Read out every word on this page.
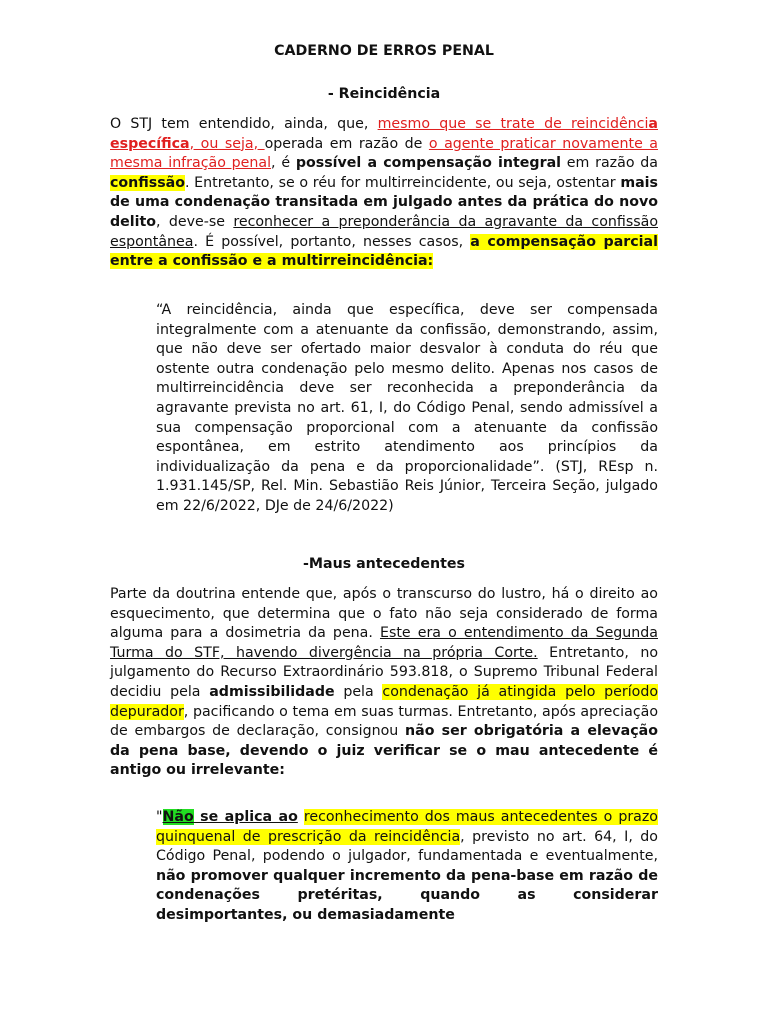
CADERNO DE ERROS PENAL
- Reincidência

O STJ tem entendido, ainda, que, mesmo que se trate de reincidência específica, ou seja, operada em razão de o agente praticar novamente a mesma infração penal, é possível a compensação integral em razão da confissão. Entretanto, se o réu for multirreincidente, ou seja, ostentar mais de uma condenação transitada em julgado antes da prática do novo delito, deve-se reconhecer a preponderância da agravante da confissão espontânea. É possível, portanto, nesses casos, a compensação parcial entre a confissão e a multirreincidência:

“A reincidência, ainda que específica, deve ser compensada integralmente com a atenuante da confissão, demonstrando, assim, que não deve ser ofertado maior desvalor à conduta do réu que ostente outra condenação pelo mesmo delito. Apenas nos casos de multirreincidência deve ser reconhecida a preponderância da agravante prevista no art. 61, I, do Código Penal, sendo admissível a sua compensação proporcional com a atenuante da confissão espontânea, em estrito atendimento aos princípios da individualização da pena e da proporcionalidade”. (STJ, REsp n. 1.931.145/SP, Rel. Min. Sebastião Reis Júnior, Terceira Seção, julgado em 22/6/2022, DJe de 24/6/2022)

-Maus antecedentes

Parte da doutrina entende que, após o transcurso do lustro, há o direito ao esquecimento, que determina que o fato não seja considerado de forma alguma para a dosimetria da pena. Este era o entendimento da Segunda Turma do STF, havendo divergência na própria Corte. Entretanto, no julgamento do Recurso Extraordinário 593.818, o Supremo Tribunal Federal decidiu pela admissibilidade pela condenação já atingida pelo período depurador, pacificando o tema em suas turmas. Entretanto, após apreciação de embargos de declaração, consignou não ser obrigatória a elevação da pena base, devendo o juiz verificar se o mau antecedente é antigo ou irrelevante:

"Não se aplica ao reconhecimento dos maus antecedentes o prazo quinquenal de prescrição da reincidência, previsto no art. 64, I, do Código Penal, podendo o julgador, fundamentada e eventualmente, não promover qualquer incremento da pena-base em razão de condenações pretéritas, quando as considerar desimportantes, ou demasiadamente
